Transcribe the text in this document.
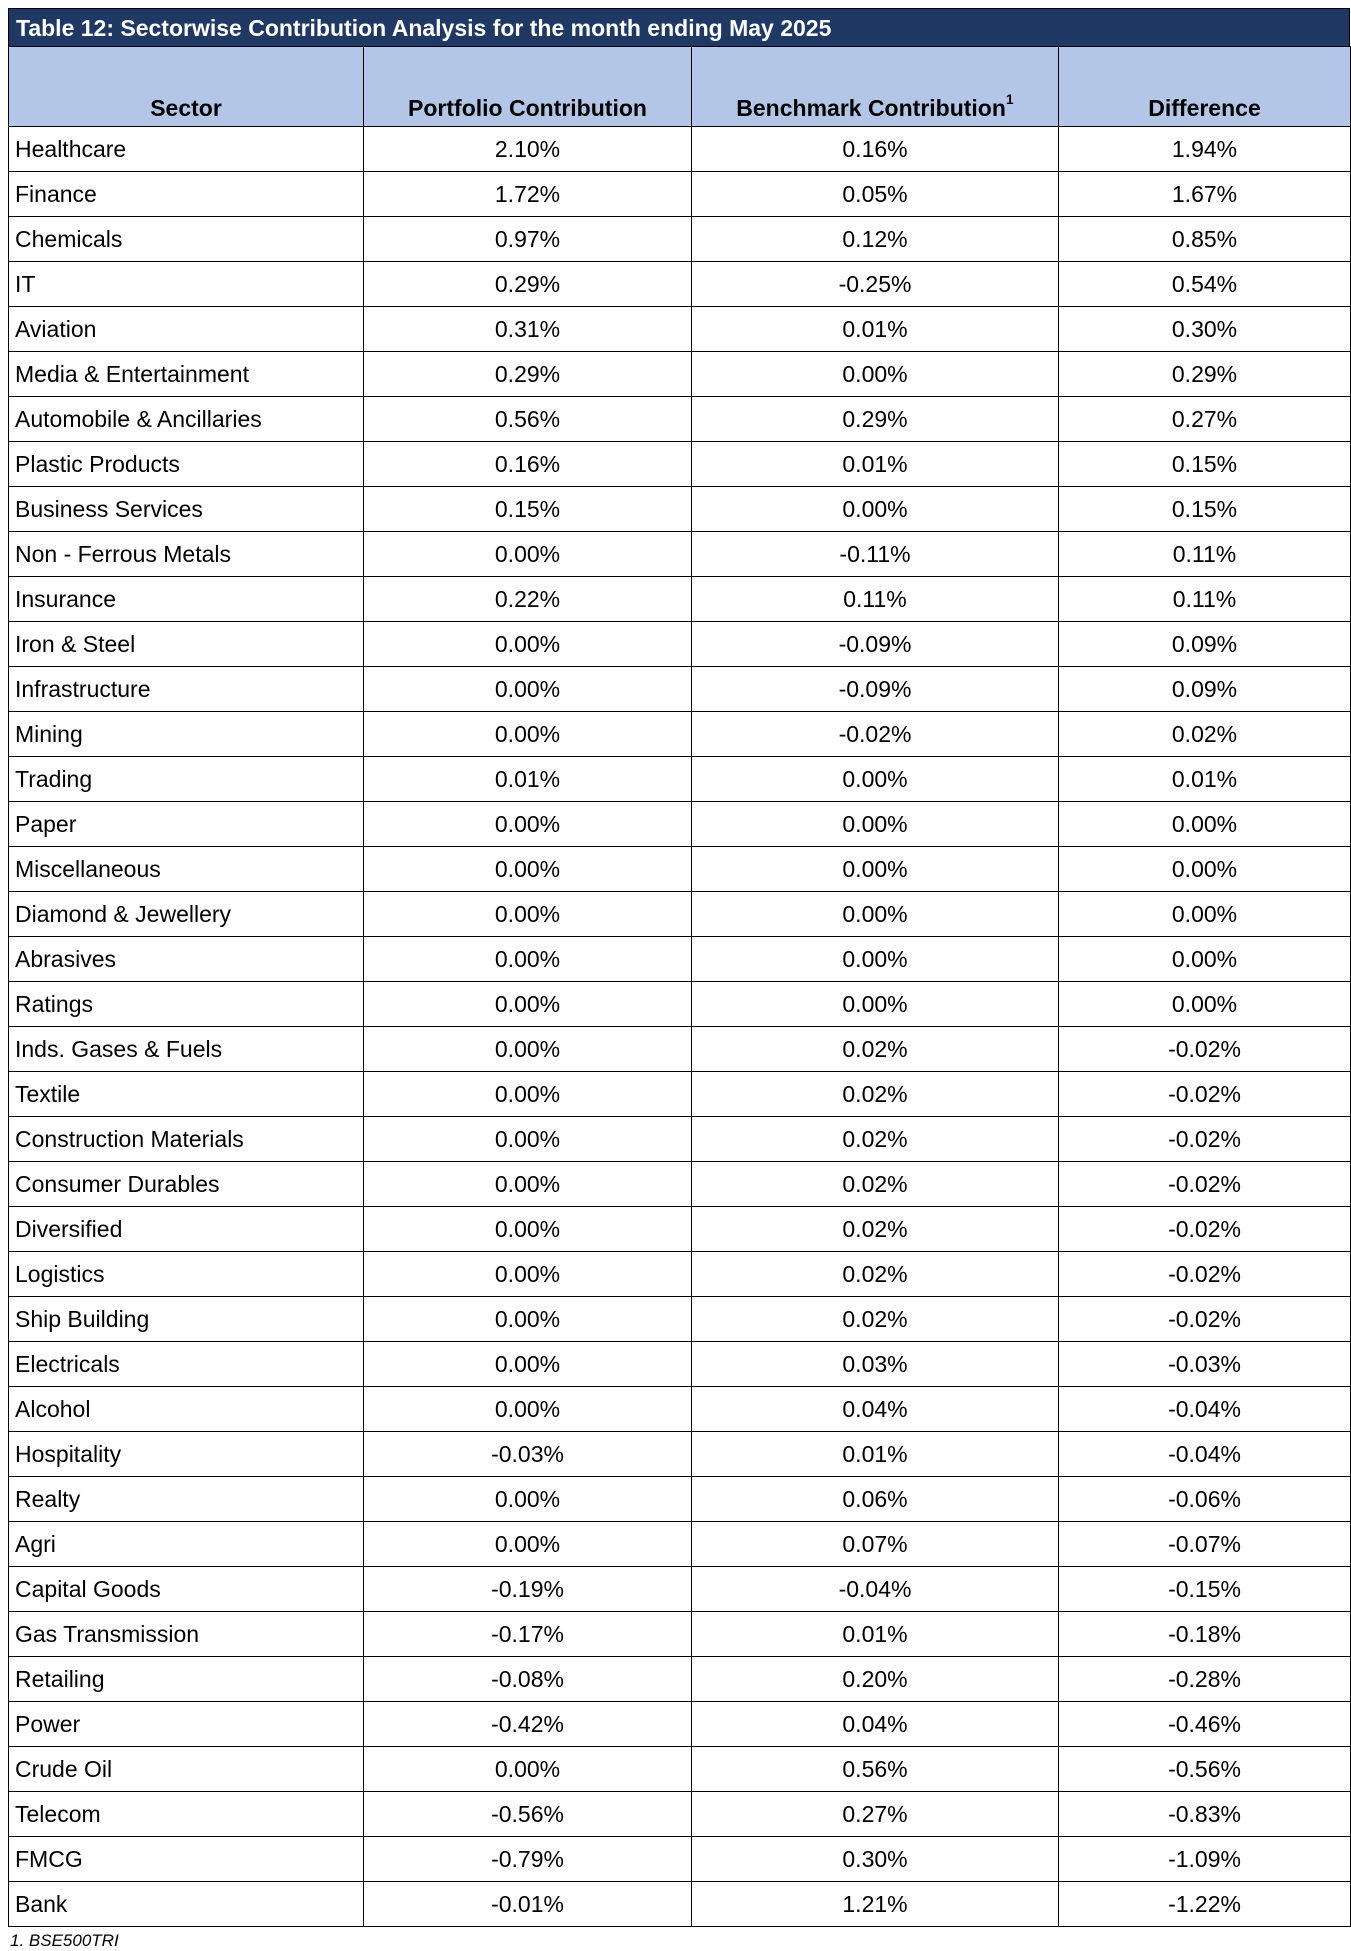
Table 12: Sectorwise Contribution Analysis for the month ending May 2025
Sector	Portfolio Contribution	Benchmark Contribution$^1$	Difference
Healthcare	2.10%	0.16%	1.94%
Finance	1.72%	0.05%	1.67%
Chemicals	0.97%	0.12%	0.85%
IT	0.29%	-0.25%	0.54%
Aviation	0.31%	0.01%	0.30%
Media & Entertainment	0.29%	0.00%	0.29%
Automobile & Ancillaries	0.56%	0.29%	0.27%
Plastic Products	0.16%	0.01%	0.15%
Business Services	0.15%	0.00%	0.15%
Non - Ferrous Metals	0.00%	-0.11%	0.11%
Insurance	0.22%	0.11%	0.11%
Iron & Steel	0.00%	-0.09%	0.09%
Infrastructure	0.00%	-0.09%	0.09%
Mining	0.00%	-0.02%	0.02%
Trading	0.01%	0.00%	0.01%
Paper	0.00%	0.00%	0.00%
Miscellaneous	0.00%	0.00%	0.00%
Diamond & Jewellery	0.00%	0.00%	0.00%
Abrasives	0.00%	0.00%	0.00%
Ratings	0.00%	0.00%	0.00%
Inds. Gases & Fuels	0.00%	0.02%	-0.02%
Textile	0.00%	0.02%	-0.02%
Construction Materials	0.00%	0.02%	-0.02%
Consumer Durables	0.00%	0.02%	-0.02%
Diversified	0.00%	0.02%	-0.02%
Logistics	0.00%	0.02%	-0.02%
Ship Building	0.00%	0.02%	-0.02%
Electricals	0.00%	0.03%	-0.03%
Alcohol	0.00%	0.04%	-0.04%
Hospitality	-0.03%	0.01%	-0.04%
Realty	0.00%	0.06%	-0.06%
Agri	0.00%	0.07%	-0.07%
Capital Goods	-0.19%	-0.04%	-0.15%
Gas Transmission	-0.17%	0.01%	-0.18%
Retailing	-0.08%	0.20%	-0.28%
Power	-0.42%	0.04%	-0.46%
Crude Oil	0.00%	0.56%	-0.56%
Telecom	-0.56%	0.27%	-0.83%
FMCG	-0.79%	0.30%	-1.09%
Bank	-0.01%	1.21%	-1.22%
1. BSE500TRI
